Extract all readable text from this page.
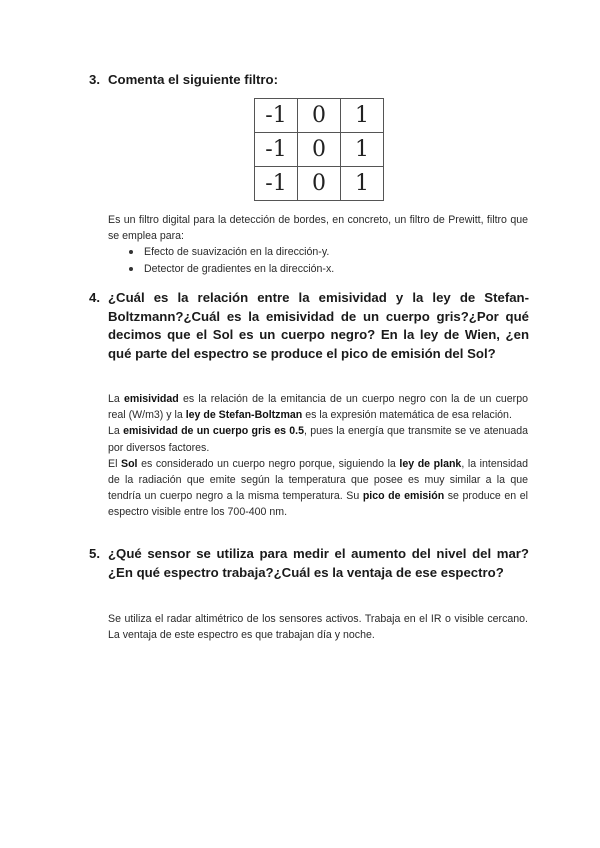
3. Comenta el siguiente filtro:
-1	0	1
-1	0	1
-1	0	1

Es un filtro digital para la detección de bordes, en concreto, un filtro de Prewitt, filtro que se emplea para:

Efecto de suavización en la dirección-y.
Detector de gradientes en la dirección-x.
4. ¿Cuál es la relación entre la emisividad y la ley de Stefan-Boltzmann?¿Cuál es la emisividad de un cuerpo gris?¿Por qué decimos que el Sol es un cuerpo negro? En la ley de Wien, ¿en qué parte del espectro se produce el pico de emisión del Sol?

La emisividad es la relación de la emitancia de un cuerpo negro con la de un cuerpo real (W/m3) y la ley de Stefan-Boltzman es la expresión matemática de esa relación.

La emisividad de un cuerpo gris es 0.5, pues la energía que transmite se ve atenuada por diversos factores.

El Sol es considerado un cuerpo negro porque, siguiendo la ley de plank, la intensidad de la radiación que emite según la temperatura que posee es muy similar a la que tendría un cuerpo negro a la misma temperatura. Su pico de emisión se produce en el espectro visible entre los 700-400 nm.

5. ¿Qué sensor se utiliza para medir el aumento del nivel del mar?¿En qué espectro trabaja?¿Cuál es la ventaja de ese espectro?

Se utiliza el radar altimétrico de los sensores activos. Trabaja en el IR o visible cercano. La ventaja de este espectro es que trabajan día y noche.
